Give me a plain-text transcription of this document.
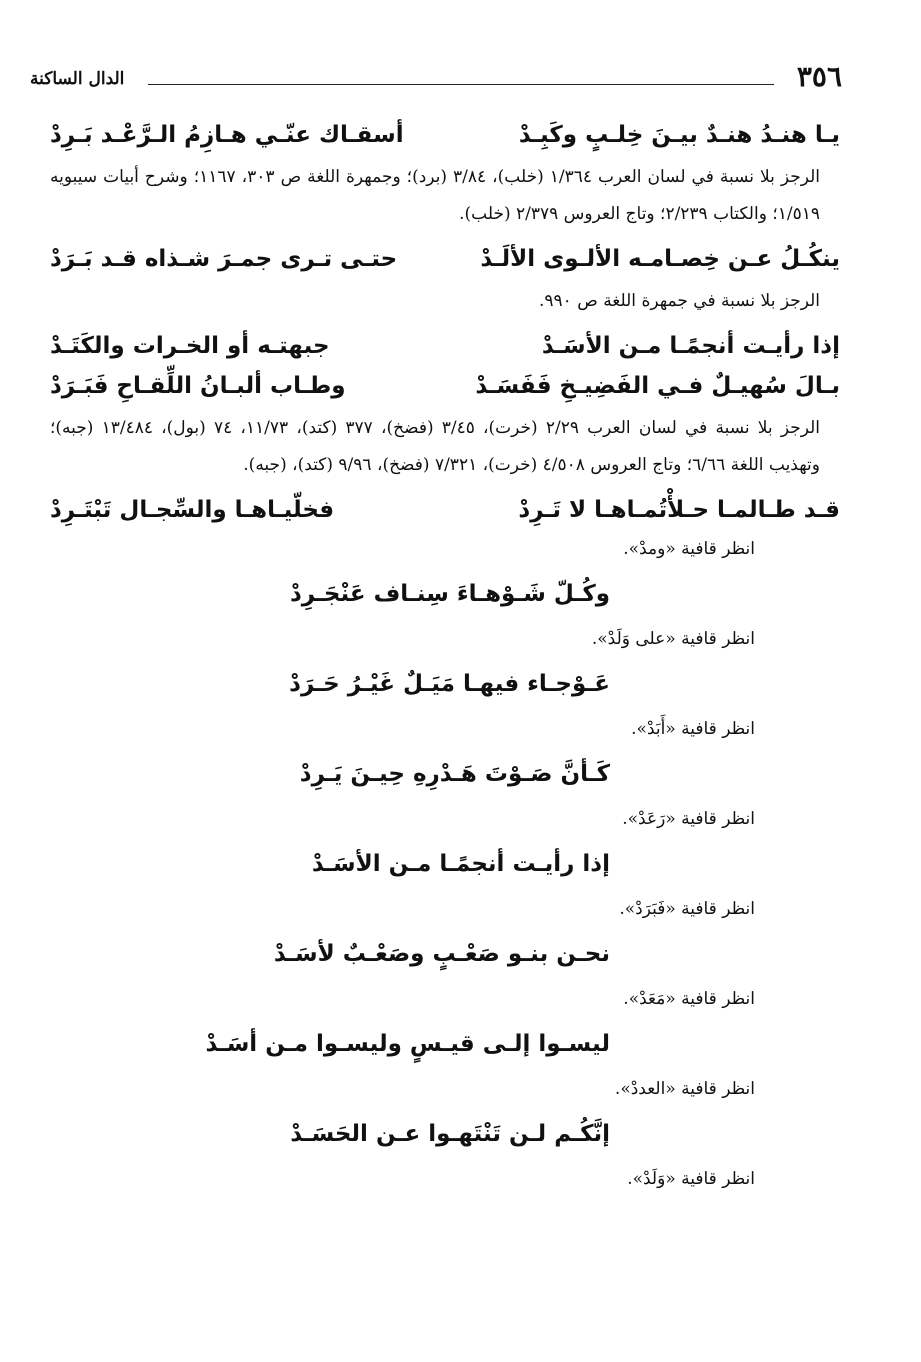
٣٥٦
الدال الساكنة
يـا هنـدُ هنـدٌ بيـنَ خِلـبٍ وكَبِـدْ
أسقـاك عنّـي هـازِمُ الـرَّعْـد بَـرِدْ
الرجز بلا نسبة في لسان العرب ١/٣٦٤ (خلب)، ٣/٨٤ (برد)؛ وجمهرة اللغة ص ٣٠٣، ١١٦٧؛ وشرح أبيات سيبويه ١/٥١٩؛ والكتاب ٢/٢٣٩؛ وتاج العروس ٢/٣٧٩ (خلب).
ينكُـلُ عـن خِصـامـه الألـوى الألَـدْ
حتـى تـرى جمـرَ شـذاه قـد بَـرَدْ
الرجز بلا نسبة في جمهرة اللغة ص ٩٩٠.
إذا رأيـت أنجمًـا مـن الأسَـدْ
جبهتـه أو الخـرات والكَتَـدْ
بـالَ سُهيـلٌ فـي الفَضِيـخِ فَفَسَـدْ
وطـاب ألبـانُ اللِّقـاحِ فَبَـرَدْ
الرجز بلا نسبة في لسان العرب ٢/٢٩ (خرت)، ٣/٤٥ (فضخ)، ٣٧٧ (كتد)، ١١/٧٣، ٧٤ (بول)، ١٣/٤٨٤ (جبه)؛ وتهذيب اللغة ٦/٦٦؛ وتاج العروس ٤/٥٠٨ (خرت)، ٧/٣٢١ (فضخ)، ٩/٩٦ (كتد)، (جبه).
قـد طـالمـا حـلأْتُمـاهـا لا تَـرِدْ
فخلّيـاهـا والسِّجـال تَبْتَـرِدْ
انظر قافية «ومدْ».
وكُـلّ شَـوْهـاءَ سِنـاف عَنْجَـرِدْ
انظر قافية «على وَلَدْ».
عَـوْجـاء فيهـا مَيَـلٌ غَيْـرُ حَـرَدْ
انظر قافية «أَبَدْ».
كَـأنَّ صَـوْتَ هَـدْرِهِ حِيـنَ يَـرِدْ
انظر قافية «رَعَدْ».
إذا رأيـت أنجمًـا مـن الأسَـدْ
انظر قافية «فَبَرَدْ».
نحـن بنـو صَعْـبٍ وصَعْـبٌ لأسَـدْ
انظر قافية «مَعَدْ».
ليسـوا إلـى قيـسٍ وليسـوا مـن أسَـدْ
انظر قافية «العددْ».
إنَّكُـم لـن تَنْتَهـوا عـن الحَسَـدْ
انظر قافية «وَلَدْ».
